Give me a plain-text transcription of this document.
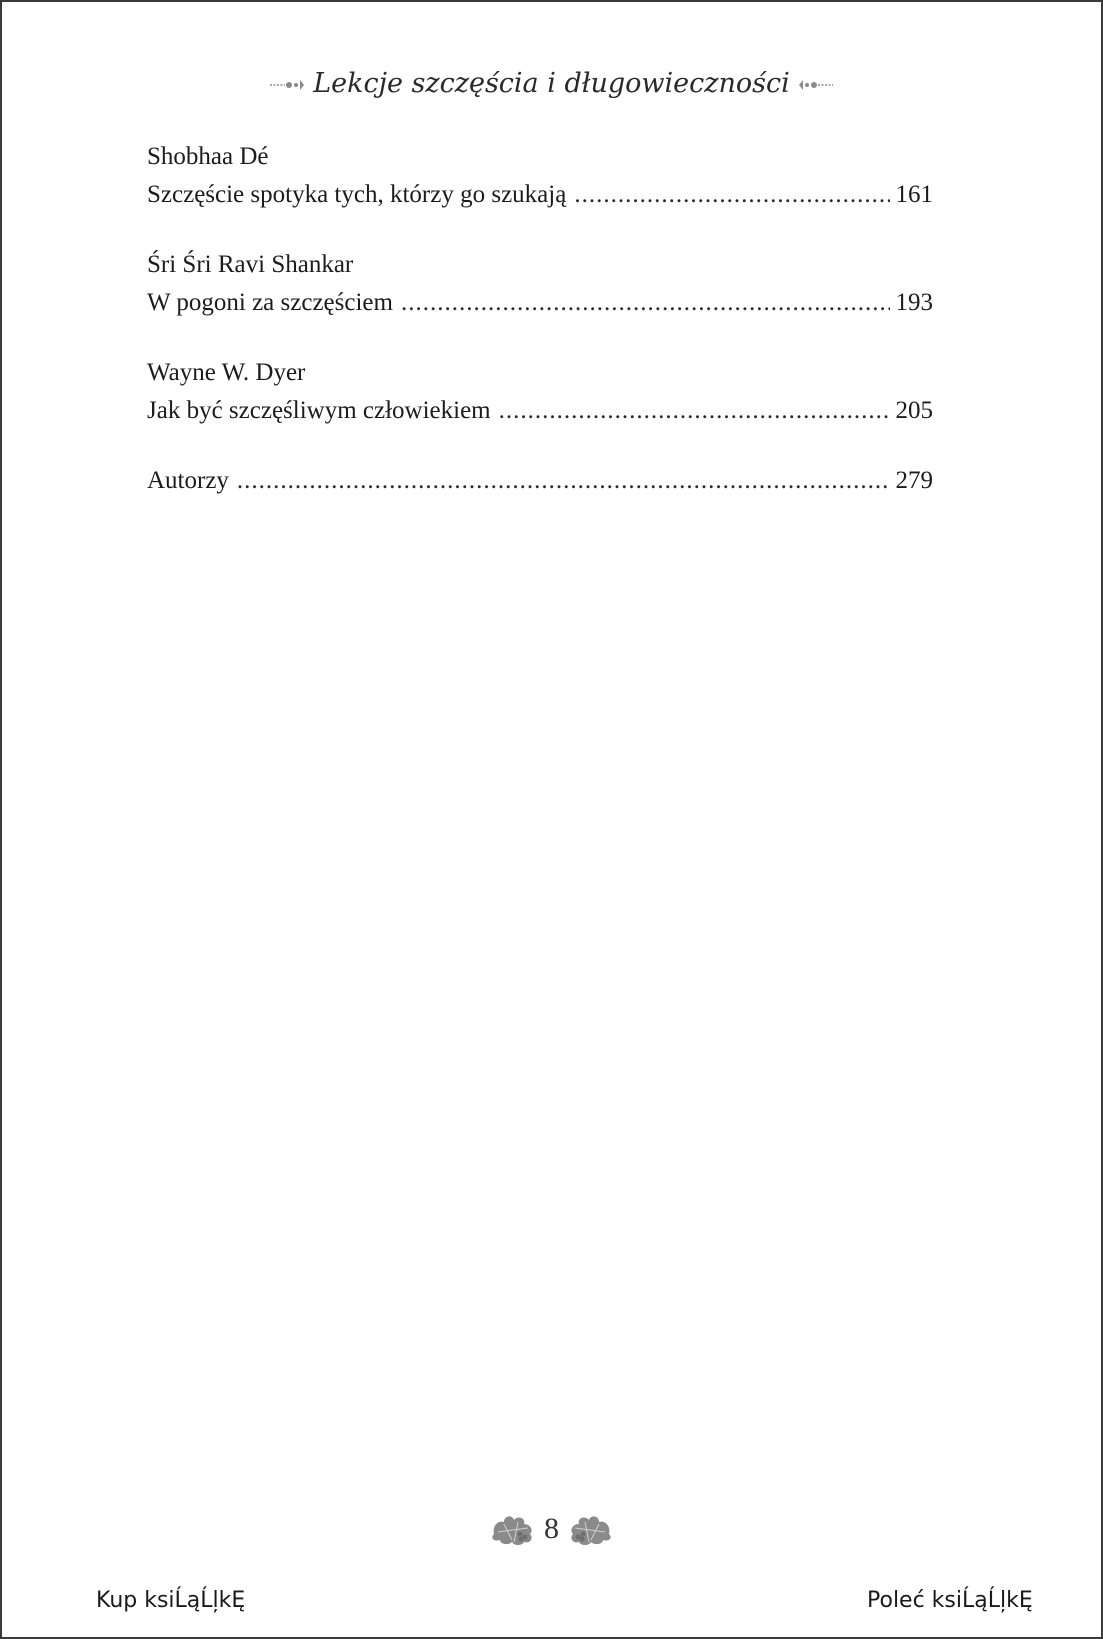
Lekcje szczęścia i długowieczności
Shobhaa Dé
Szczęście spotyka tych, którzy go szukają .....	161
Śri Śri Ravi Shankar
W pogoni za szczęściem .....	193
Wayne W. Dyer
Jak być szczęśliwym człowiekiem .....	205
Autorzy .....	279
8
Kup ksiĹąĹļkĘ	Poleć ksiĹąĹļkĘ
